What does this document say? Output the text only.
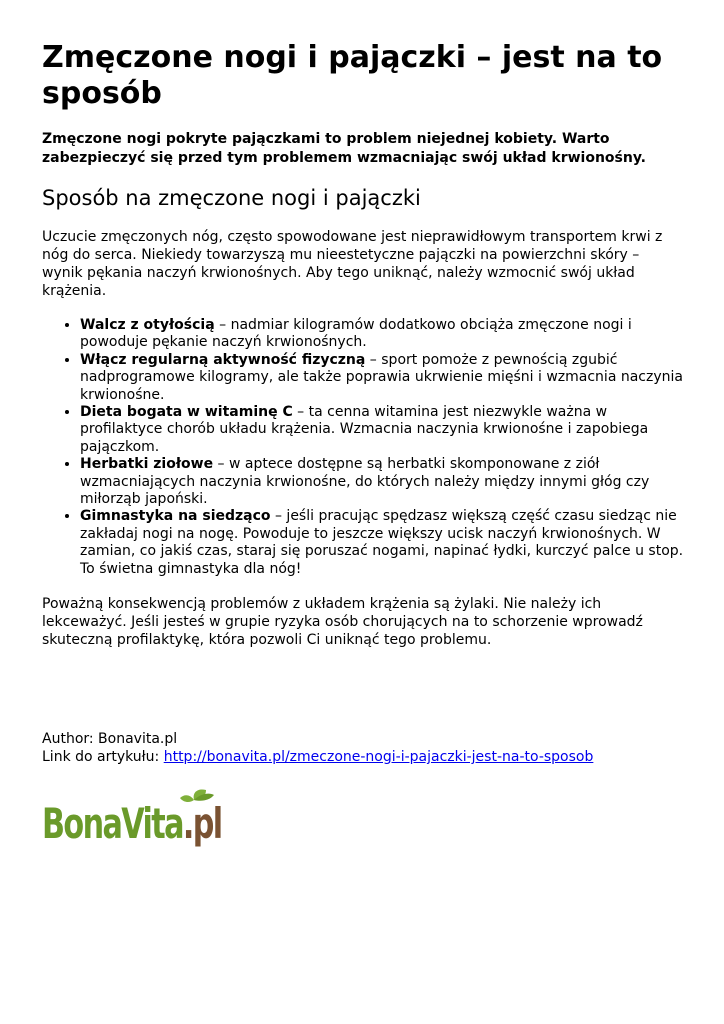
Zmęczone nogi i pajączki – jest na to sposób

Zmęczone nogi pokryte pajączkami to problem niejednej kobiety. Warto zabezpieczyć się przed tym problemem wzmacniając swój układ krwionośny.

Sposób na zmęczone nogi i pajączki

Uczucie zmęczonych nóg, często spowodowane jest nieprawidłowym transportem krwi z nóg do serca. Niekiedy towarzyszą mu nieestetyczne pajączki na powierzchni skóry – wynik pękania naczyń krwionośnych. Aby tego uniknąć, należy wzmocnić swój układ krążenia.

• Walcz z otyłością – nadmiar kilogramów dodatkowo obciąża zmęczone nogi i powoduje pękanie naczyń krwionośnych.
• Włącz regularną aktywność fizyczną – sport pomoże z pewnością zgubić nadprogramowe kilogramy, ale także poprawia ukrwienie mięśni i wzmacnia naczynia krwionośne.
• Dieta bogata w witaminę C – ta cenna witamina jest niezwykle ważna w profilaktyce chorób układu krążenia. Wzmacnia naczynia krwionośne i zapobiega pajączkom.
• Herbatki ziołowe – w aptece dostępne są herbatki skomponowane z ziół wzmacniających naczynia krwionośne, do których należy między innymi głóg czy miłorząb japoński.
• Gimnastyka na siedząco – jeśli pracując spędzasz większą część czasu siedząc nie zakładaj nogi na nogę. Powoduje to jeszcze większy ucisk naczyń krwionośnych. W zamian, co jakiś czas, staraj się poruszać nogami, napinać łydki, kurczyć palce u stop. To świetna gimnastyka dla nóg!

Poważną konsekwencją problemów z układem krążenia są żylaki. Nie należy ich lekceważyć. Jeśli jesteś w grupie ryzyka osób chorujących na to schorzenie wprowadź skuteczną profilaktykę, która pozwoli Ci uniknąć tego problemu.

Author: Bonavita.pl
Link do artykułu: http://bonavita.pl/zmeczone-nogi-i-pajaczki-jest-na-to-sposob
BonaVita.pl
